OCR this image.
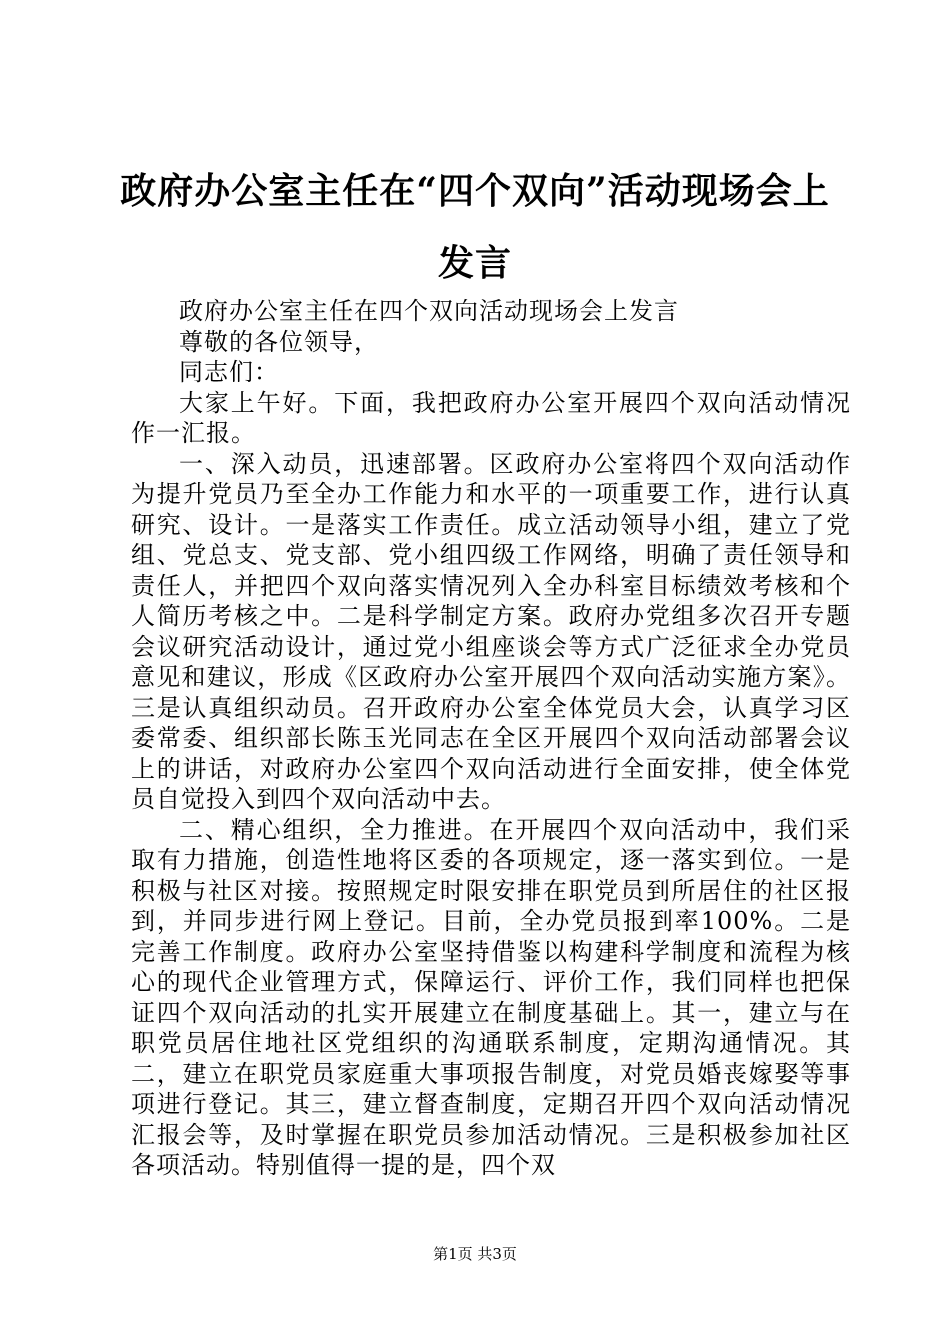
政府办公室主任在“四个双向”活动现场会上发言

政府办公室主任在四个双向活动现场会上发言

尊敬的各位领导，

同志们：

大家上午好。下面，我把政府办公室开展四个双向活动情况作一汇报。

一、深入动员，迅速部署。区政府办公室将四个双向活动作为提升党员乃至全办工作能力和水平的一项重要工作，进行认真研究、设计。一是落实工作责任。成立活动领导小组，建立了党组、党总支、党支部、党小组四级工作网络，明确了责任领导和责任人，并把四个双向落实情况列入全办科室目标绩效考核和个人简历考核之中。二是科学制定方案。政府办党组多次召开专题会议研究活动设计，通过党小组座谈会等方式广泛征求全办党员意见和建议，形成《区政府办公室开展四个双向活动实施方案》。三是认真组织动员。召开政府办公室全体党员大会，认真学习区委常委、组织部长陈玉光同志在全区开展四个双向活动部署会议上的讲话，对政府办公室四个双向活动进行全面安排，使全体党员自觉投入到四个双向活动中去。

二、精心组织，全力推进。在开展四个双向活动中，我们采取有力措施，创造性地将区委的各项规定，逐一落实到位。一是积极与社区对接。按照规定时限安排在职党员到所居住的社区报到，并同步进行网上登记。目前，全办党员报到率100%。二是完善工作制度。政府办公室坚持借鉴以构建科学制度和流程为核心的现代企业管理方式，保障运行、评价工作，我们同样也把保证四个双向活动的扎实开展建立在制度基础上。其一，建立与在职党员居住地社区党组织的沟通联系制度，定期沟通情况。其二，建立在职党员家庭重大事项报告制度，对党员婚丧嫁娶等事项进行登记。其三，建立督查制度，定期召开四个双向活动情况汇报会等，及时掌握在职党员参加活动情况。三是积极参加社区各项活动。特别值得一提的是，四个双

第1页 共3页
